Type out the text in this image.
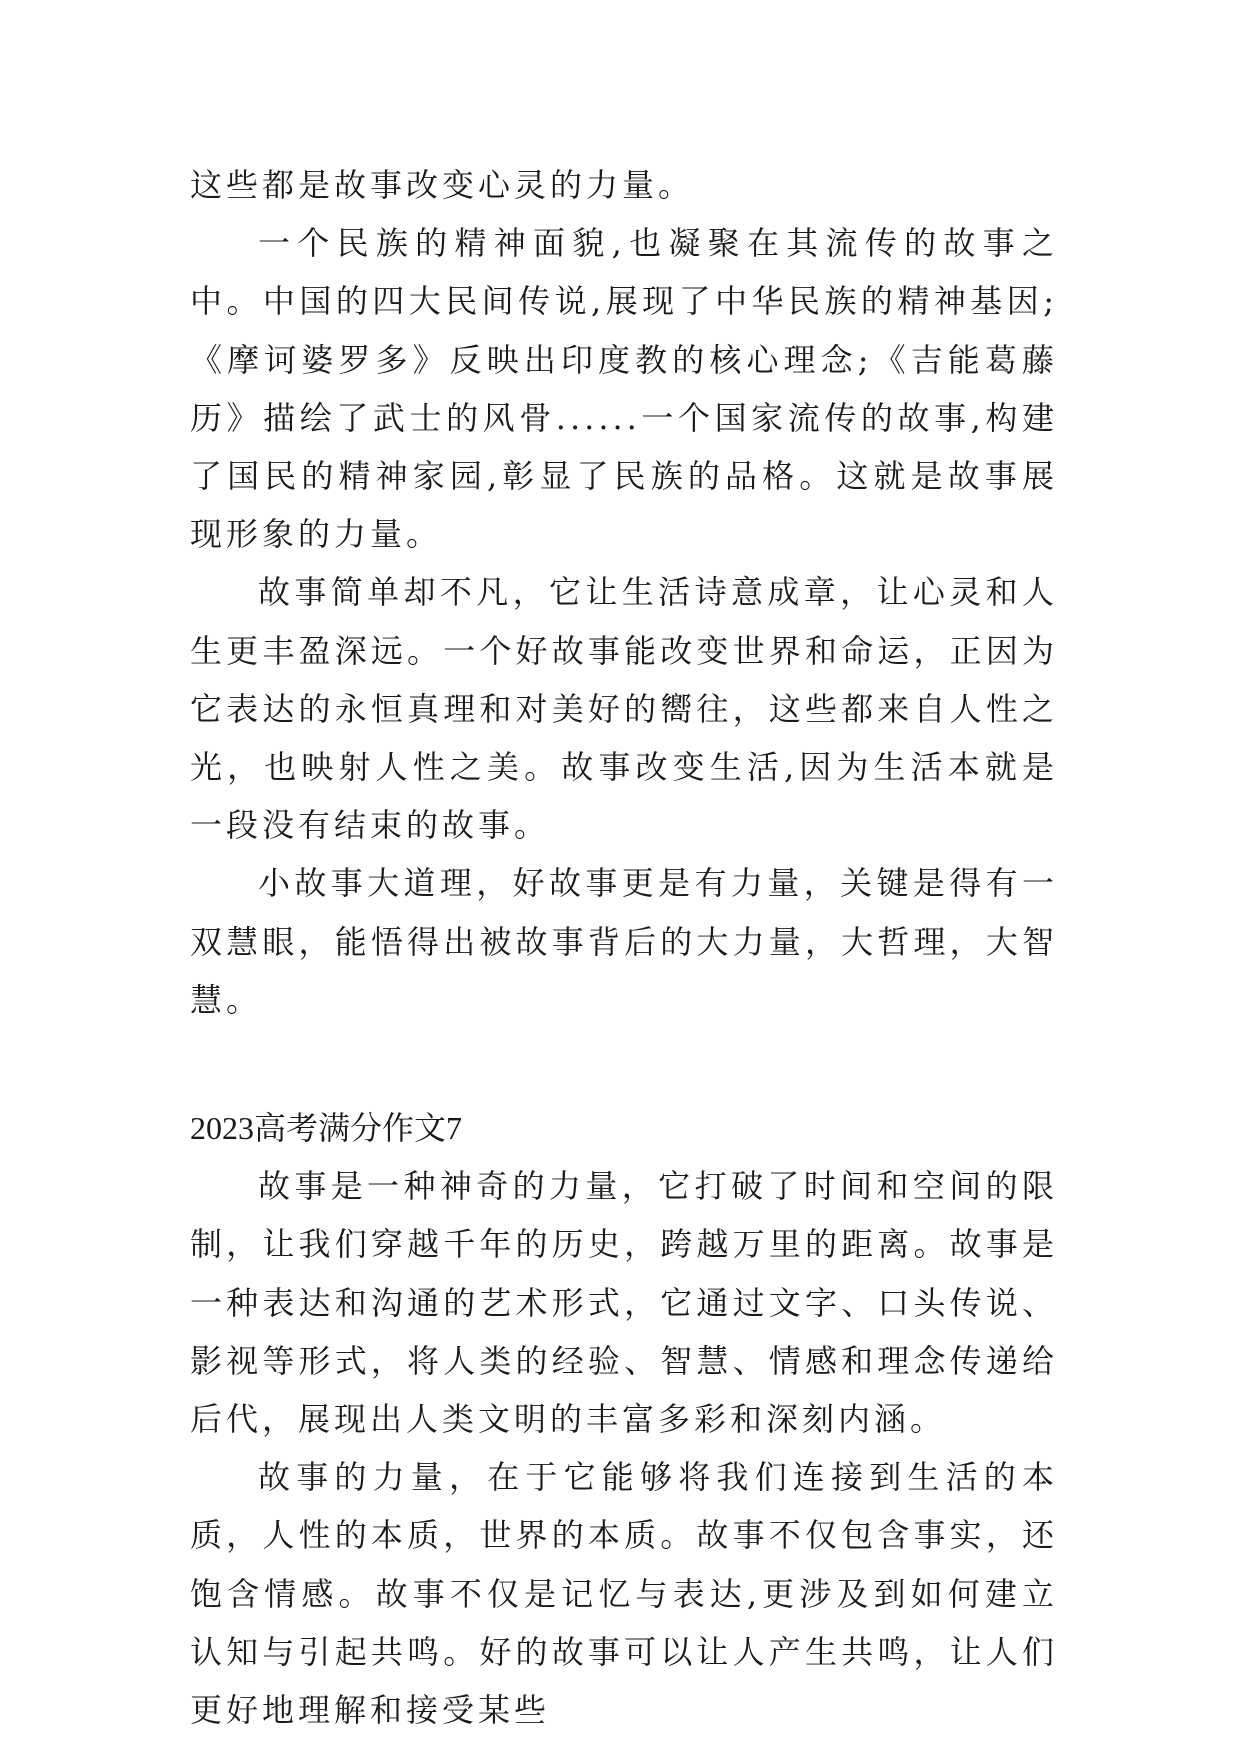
这些都是故事改变心灵的力量。

一个民族的精神面貌,也凝聚在其流传的故事之中。中国的四大民间传说,展现了中华民族的精神基因;《摩诃婆罗多》反映出印度教的核心理念;《吉能葛藤历》描绘了武士的风骨......一个国家流传的故事,构建了国民的精神家园,彰显了民族的品格。这就是故事展现形象的力量。

故事简单却不凡，它让生活诗意成章，让心灵和人生更丰盈深远。一个好故事能改变世界和命运，正因为它表达的永恒真理和对美好的嚮往，这些都来自人性之光，也映射人性之美。故事改变生活,因为生活本就是一段没有结束的故事。

小故事大道理，好故事更是有力量，关键是得有一双慧眼，能悟得出被故事背后的大力量，大哲理，大智慧。

2023高考满分作文7

故事是一种神奇的力量，它打破了时间和空间的限制，让我们穿越千年的历史，跨越万里的距离。故事是一种表达和沟通的艺术形式，它通过文字、口头传说、影视等形式，将人类的经验、智慧、情感和理念传递给后代，展现出人类文明的丰富多彩和深刻内涵。

故事的力量，在于它能够将我们连接到生活的本质，人性的本质，世界的本质。故事不仅包含事实，还饱含情感。故事不仅是记忆与表达,更涉及到如何建立认知与引起共鸣。好的故事可以让人产生共鸣，让人们更好地理解和接受某些
